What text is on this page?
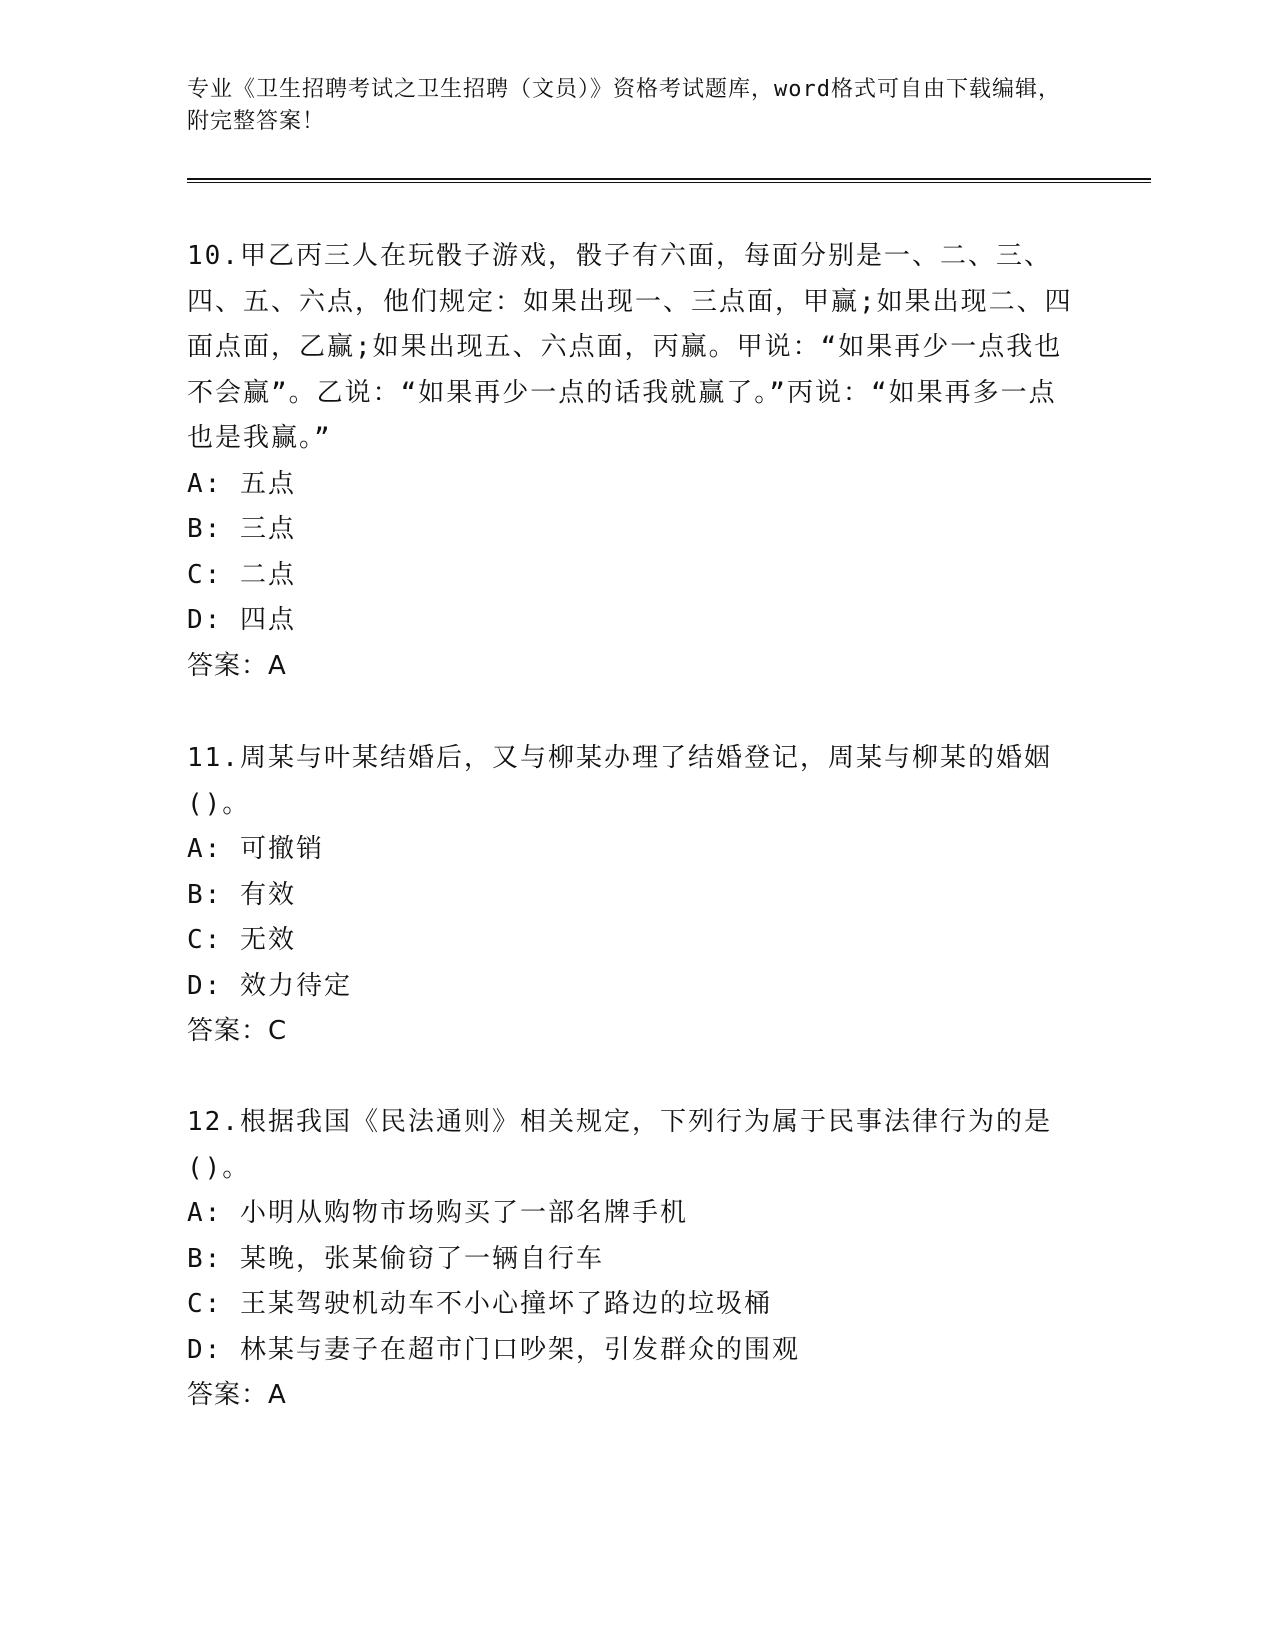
专业《卫生招聘考试之卫生招聘（文员）》资格考试题库，word格式可自由下载编辑，附完整答案！

10.甲乙丙三人在玩骰子游戏，骰子有六面，每面分别是一、二、三、四、五、六点，他们规定：如果出现一、三点面，甲赢;如果出现二、四面点面，乙赢;如果出现五、六点面，丙赢。甲说：“如果再少一点我也不会赢”。乙说：“如果再少一点的话我就赢了。”丙说：“如果再多一点也是我赢。”

A: 五点

B: 三点

C: 二点

D: 四点

答案：A

11.周某与叶某结婚后，又与柳某办理了结婚登记，周某与柳某的婚姻()。

A: 可撤销

B: 有效

C: 无效

D: 效力待定

答案：C

12.根据我国《民法通则》相关规定，下列行为属于民事法律行为的是()。

A: 小明从购物市场购买了一部名牌手机

B: 某晚，张某偷窃了一辆自行车

C: 王某驾驶机动车不小心撞坏了路边的垃圾桶

D: 林某与妻子在超市门口吵架，引发群众的围观

答案：A
